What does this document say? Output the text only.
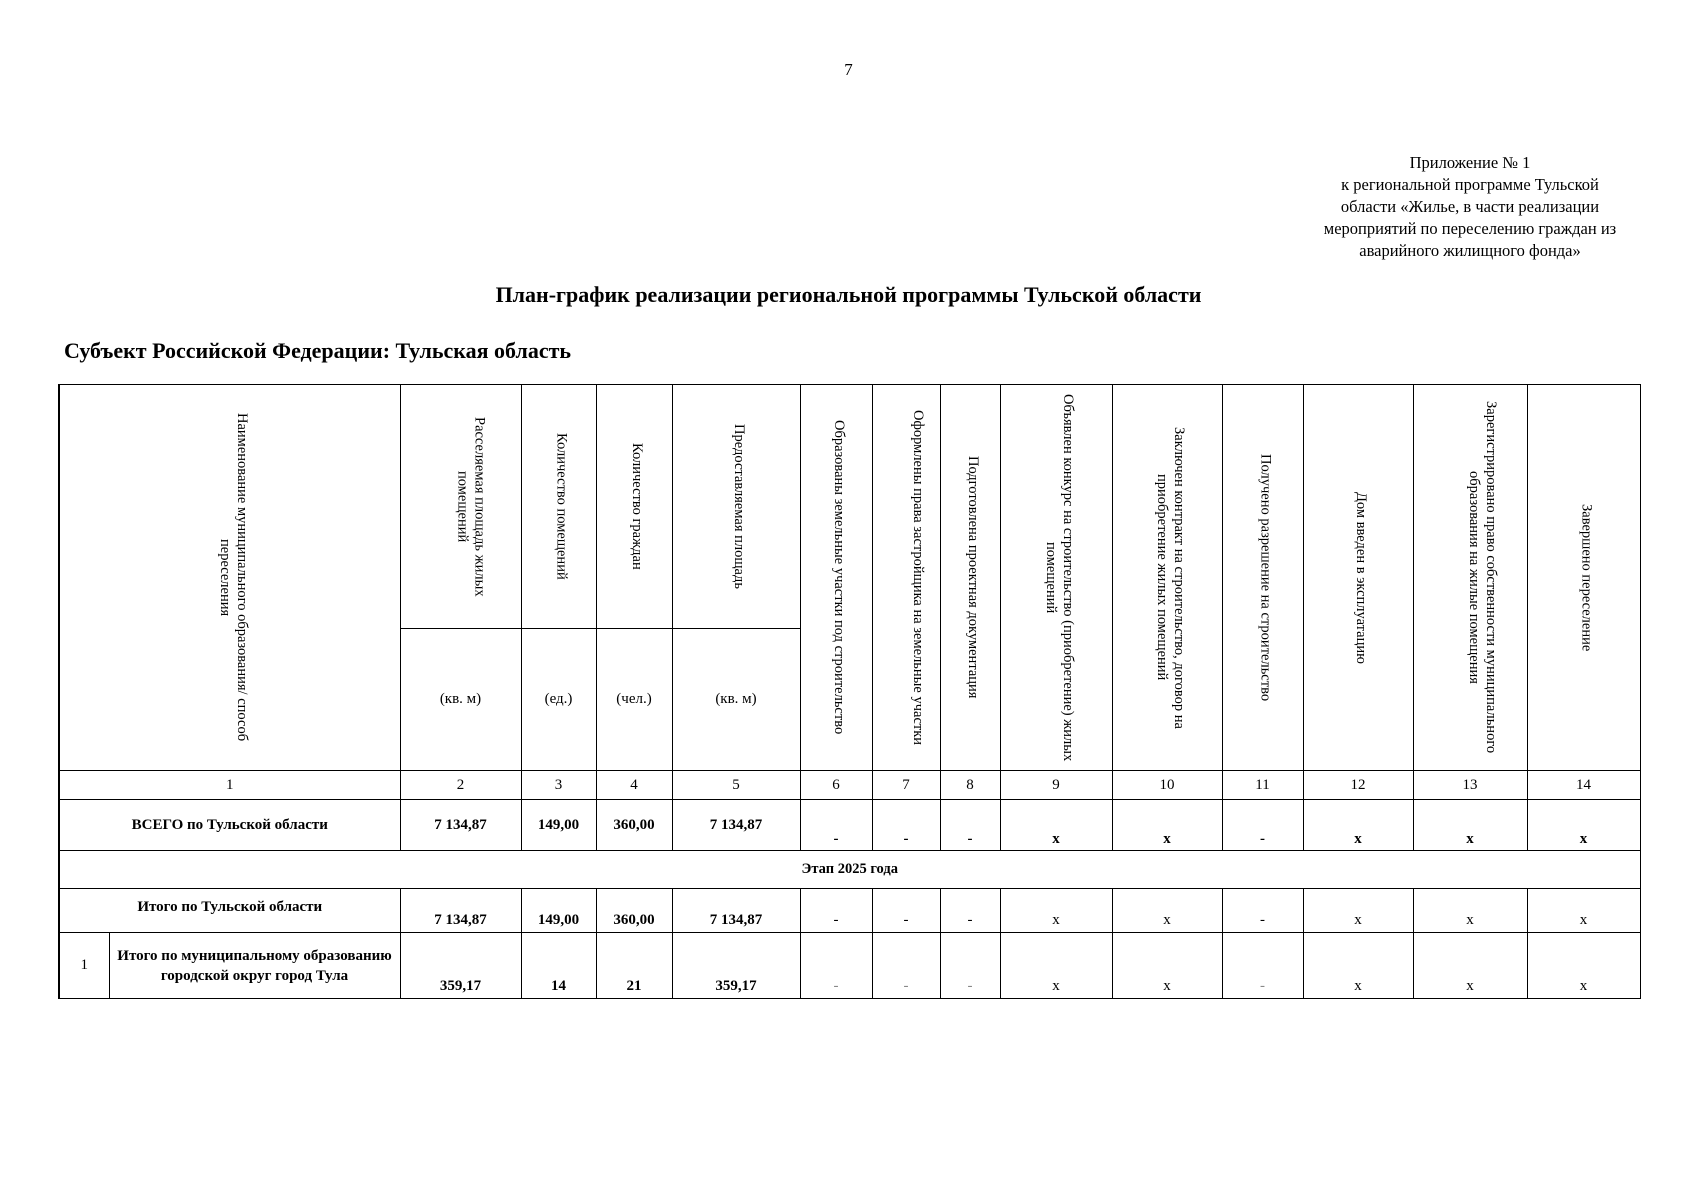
7
Приложение № 1
к региональной программе Тульской
области «Жилье, в части реализации
мероприятий по переселению граждан из
аварийного жилищного фонда»
План-график реализации региональной программы Тульской области
Субъект Российской Федерации: Тульская область
Наименование муниципального образования/ способ переселения		Расселяемая площадь жилых помещений	Количество помещений	Количество граждан	Предоставляемая площадь	Образованы земельные участки под строительство	Оформлены права застройщика на земельные участки	Подготовлена проектная документация	Объявлен конкурс на строительство (приобретение) жилых помещений	Заключен контракт на строительство, договор на приобретение жилых помещений	Получено разрешение на строительство	Дом введен в эксплуатацию	Зарегистрировано право собственности муниципального образования на жилые помещения	Завершено переселение

		(кв. м)	(ед.)	(чел.)	(кв. м)									
1		2	3	4	5	6	7	8	9	10	11	12	13	14
ВСЕГО по Тульской области		7 134,87	149,00	360,00	7 134,87	-	-	-	x	x	-	x	x	x
Этап 2025 года														
Итого по Тульской области		7 134,87	149,00	360,00	7 134,87	-	-	-	x	x	-	x	x	x
1	Итого по муниципальному образованию городской округ город Тула	359,17	14	21	359,17	-	-	-	x	x	-	x	x	x
